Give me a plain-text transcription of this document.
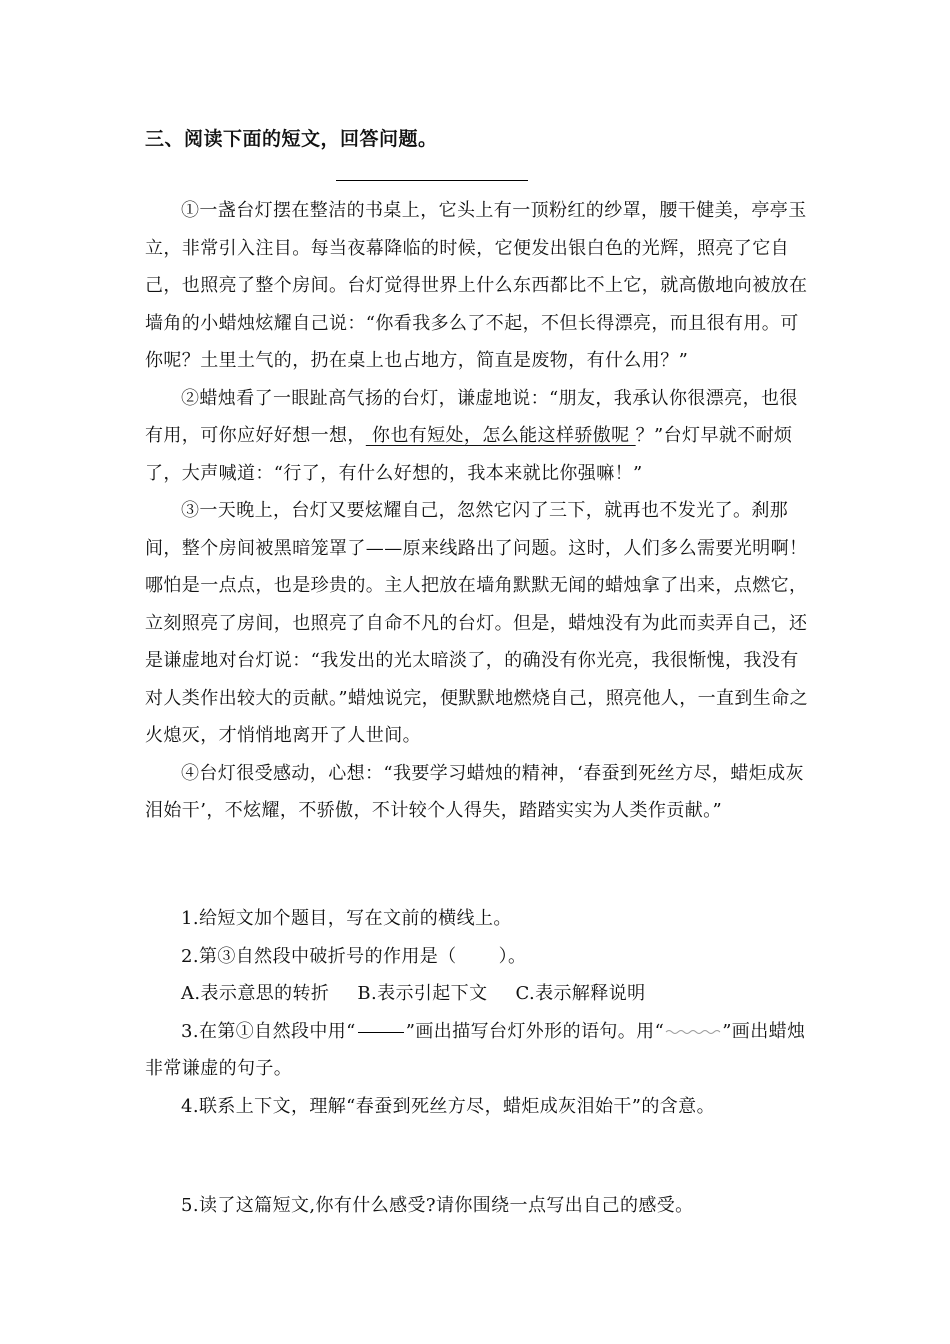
三、阅读下面的短文，回答问题。

①一盏台灯摆在整洁的书桌上，它头上有一顶粉红的纱罩，腰干健美，亭亭玉立，非常引入注目。每当夜幕降临的时候，它便发出银白色的光辉，照亮了它自己，也照亮了整个房间。台灯觉得世界上什么东西都比不上它，就高傲地向被放在墙角的小蜡烛炫耀自己说：“你看我多么了不起，不但长得漂亮，而且很有用。可你呢？土里土气的，扔在桌上也占地方，简直是废物，有什么用？”

②蜡烛看了一眼趾高气扬的台灯，谦虚地说：“朋友，我承认你很漂亮，也很有用，可你应好好想一想， 你也有短处，怎么能这样骄傲呢 ？”台灯早就不耐烦了，大声喊道：“行了，有什么好想的，我本来就比你强嘛！”

③一天晚上，台灯又要炫耀自己，忽然它闪了三下，就再也不发光了。刹那间，整个房间被黑暗笼罩了——原来线路出了问题。这时，人们多么需要光明啊！哪怕是一点点，也是珍贵的。主人把放在墙角默默无闻的蜡烛拿了出来，点燃它，立刻照亮了房间，也照亮了自命不凡的台灯。但是，蜡烛没有为此而卖弄自己，还是谦虚地对台灯说：“我发出的光太暗淡了，的确没有你光亮，我很惭愧，我没有对人类作出较大的贡献。”蜡烛说完，便默默地燃烧自己，照亮他人，一直到生命之火熄灭，才悄悄地离开了人世间。

④台灯很受感动，心想：“我要学习蜡烛的精神，‘春蚕到死丝方尽，蜡炬成灰泪始干’，不炫耀，不骄傲，不计较个人得失，踏踏实实为人类作贡献。”

1.给短文加个题目，写在文前的横线上。

2.第③自然段中破折号的作用是（ ）。

A.表示意思的转折 B.表示引起下文 C.表示解释说明

3.在第①自然段中用“	”画出描写台灯外形的语句。用“	”画出蜡烛非常谦虚的句子。

4.联系上下文，理解“春蚕到死丝方尽，蜡炬成灰泪始干”的含意。

5.读了这篇短文,你有什么感受?请你围绕一点写出自己的感受。
